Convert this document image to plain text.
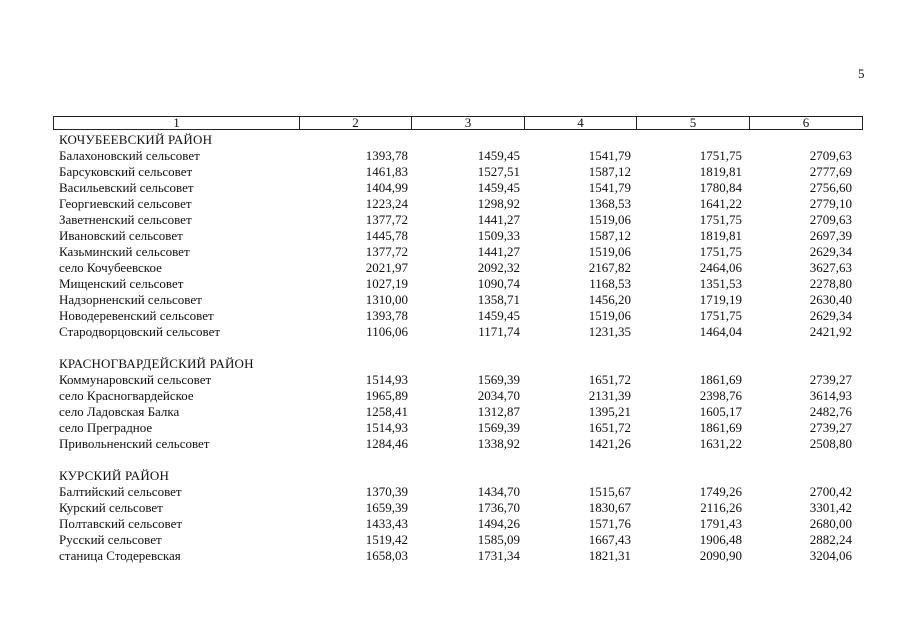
5
1	2	3	4	5	6
КОЧУБЕЕВСКИЙ РАЙОН
Балахоновский сельсовет	1393,78	1459,45	1541,79	1751,75	2709,63
Барсуковский сельсовет	1461,83	1527,51	1587,12	1819,81	2777,69
Васильевский сельсовет	1404,99	1459,45	1541,79	1780,84	2756,60
Георгиевский сельсовет	1223,24	1298,92	1368,53	1641,22	2779,10
Заветненский сельсовет	1377,72	1441,27	1519,06	1751,75	2709,63
Ивановский сельсовет	1445,78	1509,33	1587,12	1819,81	2697,39
Казьминский сельсовет	1377,72	1441,27	1519,06	1751,75	2629,34
село Кочубеевское	2021,97	2092,32	2167,82	2464,06	3627,63
Мищенский сельсовет	1027,19	1090,74	1168,53	1351,53	2278,80
Надзорненский сельсовет	1310,00	1358,71	1456,20	1719,19	2630,40
Новодеревенский сельсовет	1393,78	1459,45	1519,06	1751,75	2629,34
Стародворцовский сельсовет	1106,06	1171,74	1231,35	1464,04	2421,92
КРАСНОГВАРДЕЙСКИЙ РАЙОН
Коммунаровский сельсовет	1514,93	1569,39	1651,72	1861,69	2739,27
село Красногвардейское	1965,89	2034,70	2131,39	2398,76	3614,93
село Ладовская Балка	1258,41	1312,87	1395,21	1605,17	2482,76
село Преградное	1514,93	1569,39	1651,72	1861,69	2739,27
Привольненский сельсовет	1284,46	1338,92	1421,26	1631,22	2508,80
КУРСКИЙ РАЙОН
Балтийский сельсовет	1370,39	1434,70	1515,67	1749,26	2700,42
Курский сельсовет	1659,39	1736,70	1830,67	2116,26	3301,42
Полтавский сельсовет	1433,43	1494,26	1571,76	1791,43	2680,00
Русский сельсовет	1519,42	1585,09	1667,43	1906,48	2882,24
станица Стодеревская	1658,03	1731,34	1821,31	2090,90	3204,06
